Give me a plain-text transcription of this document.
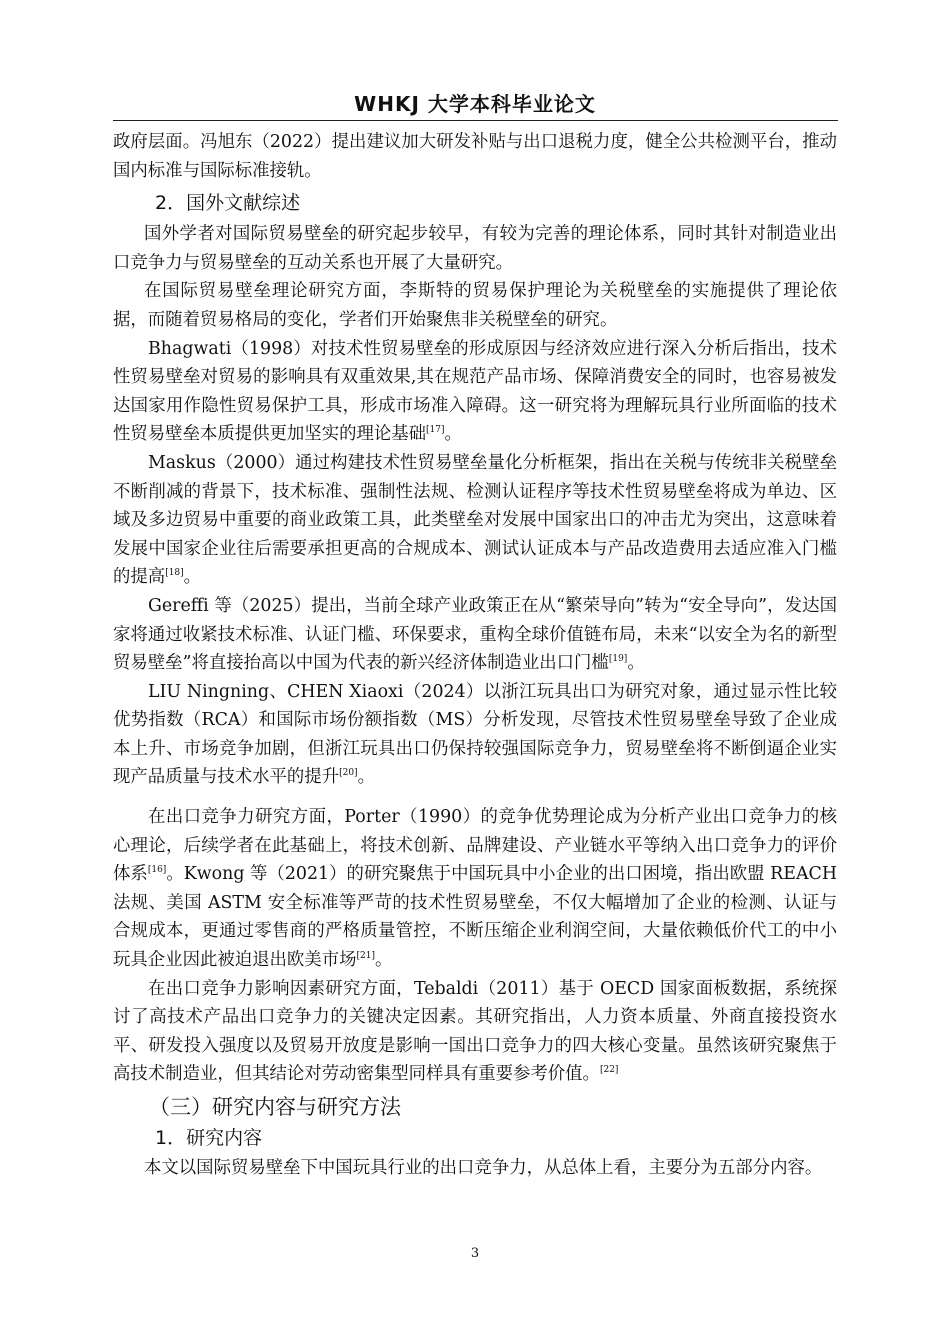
WHKJ 大学本科毕业论文

政府层面。冯旭东（2022）提出建议加大研发补贴与出口退税力度，健全公共检测平台，推动国内标准与国际标准接轨。

2．国外文献综述

国外学者对国际贸易壁垒的研究起步较早，有较为完善的理论体系，同时其针对制造业出口竞争力与贸易壁垒的互动关系也开展了大量研究。

在国际贸易壁垒理论研究方面，李斯特的贸易保护理论为关税壁垒的实施提供了理论依据，而随着贸易格局的变化，学者们开始聚焦非关税壁垒的研究。

Bhagwati（1998）对技术性贸易壁垒的形成原因与经济效应进行深入分析后指出，技术性贸易壁垒对贸易的影响具有双重效果,其在规范产品市场、保障消费安全的同时，也容易被发达国家用作隐性贸易保护工具，形成市场准入障碍。这一研究将为理解玩具行业所面临的技术性贸易壁垒本质提供更加坚实的理论基础[17]。

Maskus（2000）通过构建技术性贸易壁垒量化分析框架，指出在关税与传统非关税壁垒不断削减的背景下，技术标准、强制性法规、检测认证程序等技术性贸易壁垒将成为单边、区域及多边贸易中重要的商业政策工具，此类壁垒对发展中国家出口的冲击尤为突出，这意味着发展中国家企业往后需要承担更高的合规成本、测试认证成本与产品改造费用去适应准入门槛的提高[18]。

Gereffi 等（2025）提出，当前全球产业政策正在从“繁荣导向”转为“安全导向”，发达国家将通过收紧技术标准、认证门槛、环保要求，重构全球价值链布局，未来“以安全为名的新型贸易壁垒”将直接抬高以中国为代表的新兴经济体制造业出口门槛[19]。

LIU Ningning、CHEN Xiaoxi（2024）以浙江玩具出口为研究对象，通过显示性比较优势指数（RCA）和国际市场份额指数（MS）分析发现，尽管技术性贸易壁垒导致了企业成本上升、市场竞争加剧，但浙江玩具出口仍保持较强国际竞争力，贸易壁垒将不断倒逼企业实现产品质量与技术水平的提升[20]。

在出口竞争力研究方面，Porter（1990）的竞争优势理论成为分析产业出口竞争力的核心理论，后续学者在此基础上，将技术创新、品牌建设、产业链水平等纳入出口竞争力的评价体系[16]。Kwong 等（2021）的研究聚焦于中国玩具中小企业的出口困境，指出欧盟 REACH 法规、美国 ASTM 安全标准等严苛的技术性贸易壁垒，不仅大幅增加了企业的检测、认证与合规成本，更通过零售商的严格质量管控，不断压缩企业利润空间，大量依赖低价代工的中小玩具企业因此被迫退出欧美市场[21]。

在出口竞争力影响因素研究方面，Tebaldi（2011）基于 OECD 国家面板数据，系统探讨了高技术产品出口竞争力的关键决定因素。其研究指出，人力资本质量、外商直接投资水平、研发投入强度以及贸易开放度是影响一国出口竞争力的四大核心变量。虽然该研究聚焦于高技术制造业，但其结论对劳动密集型同样具有重要参考价值。[22]

（三）研究内容与研究方法

1．研究内容

本文以国际贸易壁垒下中国玩具行业的出口竞争力，从总体上看，主要分为五部分内容。

3
